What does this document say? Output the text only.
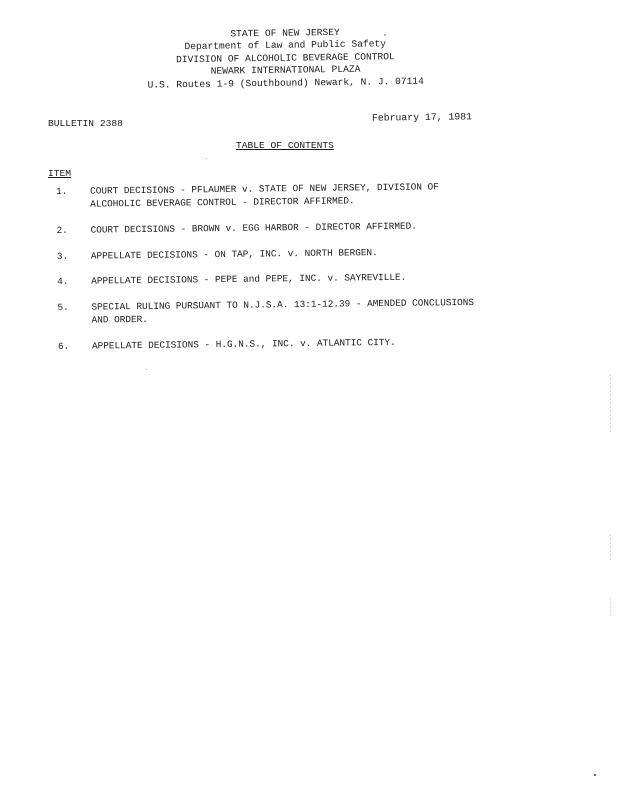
STATE OF NEW JERSEY
Department of Law and Public Safety
DIVISION OF ALCOHOLIC BEVERAGE CONTROL
NEWARK INTERNATIONAL PLAZA
U.S. Routes 1-9 (Southbound) Newark, N. J. 07114
BULLETIN 2388	February 17, 1981
TABLE OF CONTENTS
ITEM
1.	COURT DECISIONS - PFLAUMER v. STATE OF NEW JERSEY, DIVISION OF
ALCOHOLIC BEVERAGE CONTROL - DIRECTOR AFFIRMED.
2.	COURT DECISIONS - BROWN v. EGG HARBOR - DIRECTOR AFFIRMED.
3.	APPELLATE DECISIONS - ON TAP, INC. v. NORTH BERGEN.
4.	APPELLATE DECISIONS - PEPE and PEPE, INC. v. SAYREVILLE.
5.	SPECIAL RULING PURSUANT TO N.J.S.A. 13:1-12.39 - AMENDED CONCLUSIONS
AND ORDER.
6.	APPELLATE DECISIONS - H.G.N.S., INC. v. ATLANTIC CITY.
